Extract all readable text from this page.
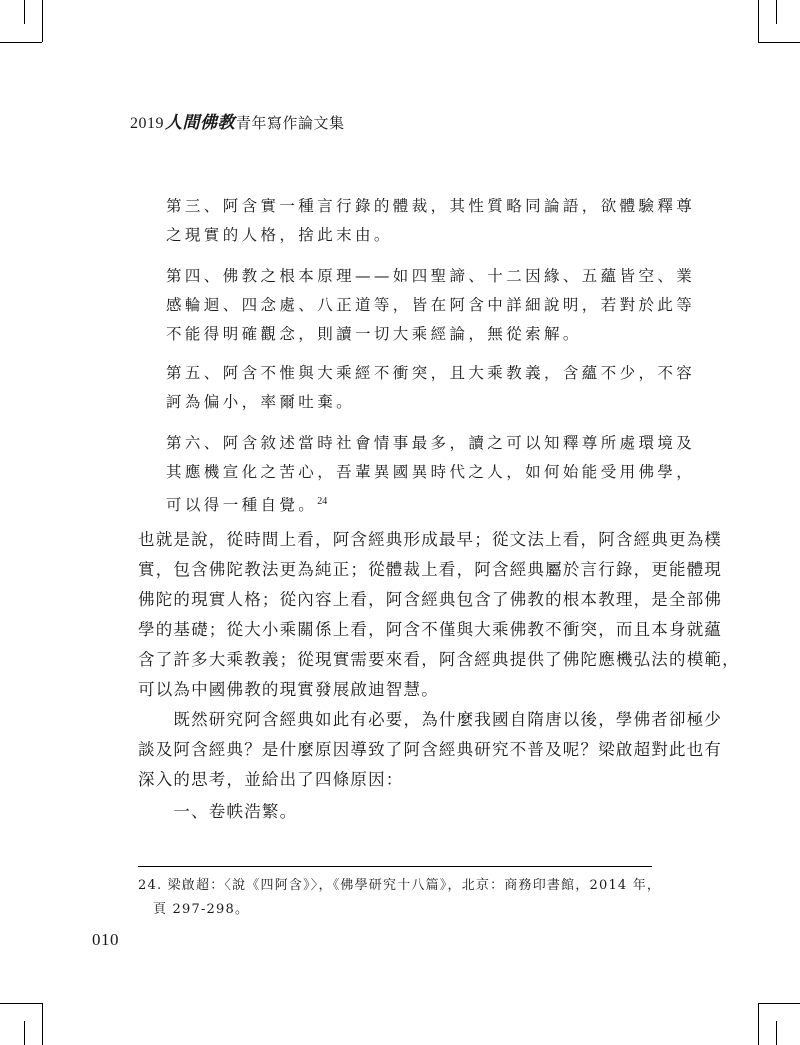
2019人間佛教青年寫作論文集

第三、阿含實一種言行錄的體裁，其性質略同論語，欲體驗釋尊

之現實的人格，捨此末由。

第四、佛教之根本原理——如四聖諦、十二因緣、五蘊皆空、業

感輪迴、四念處、八正道等，皆在阿含中詳細說明，若對於此等

不能得明確觀念，則讀一切大乘經論，無從索解。

第五、阿含不惟與大乘經不衝突，且大乘教義，含蘊不少，不容

訶為偏小，率爾吐棄。

第六、阿含敘述當時社會情事最多，讀之可以知釋尊所處環境及

其應機宣化之苦心，吾輩異國異時代之人，如何始能受用佛學，

可以得一種自覺。$^{24}$

也就是說，從時間上看，阿含經典形成最早；從文法上看，阿含經典更為樸

實，包含佛陀教法更為純正；從體裁上看，阿含經典屬於言行錄，更能體現

佛陀的現實人格；從內容上看，阿含經典包含了佛教的根本教理，是全部佛

學的基礎；從大小乘關係上看，阿含不僅與大乘佛教不衝突，而且本身就蘊

含了許多大乘教義；從現實需要來看，阿含經典提供了佛陀應機弘法的模範，

可以為中國佛教的現實發展啟迪智慧。

　　既然研究阿含經典如此有必要，為什麼我國自隋唐以後，學佛者卻極少

談及阿含經典？是什麼原因導致了阿含經典研究不普及呢？梁啟超對此也有

深入的思考，並給出了四條原因：

　　一、卷帙浩繁。

24. 梁啟超：〈說《四阿含》〉，《佛學研究十八篇》，北京：商務印書館，2014 年，
頁 297-298。
010
